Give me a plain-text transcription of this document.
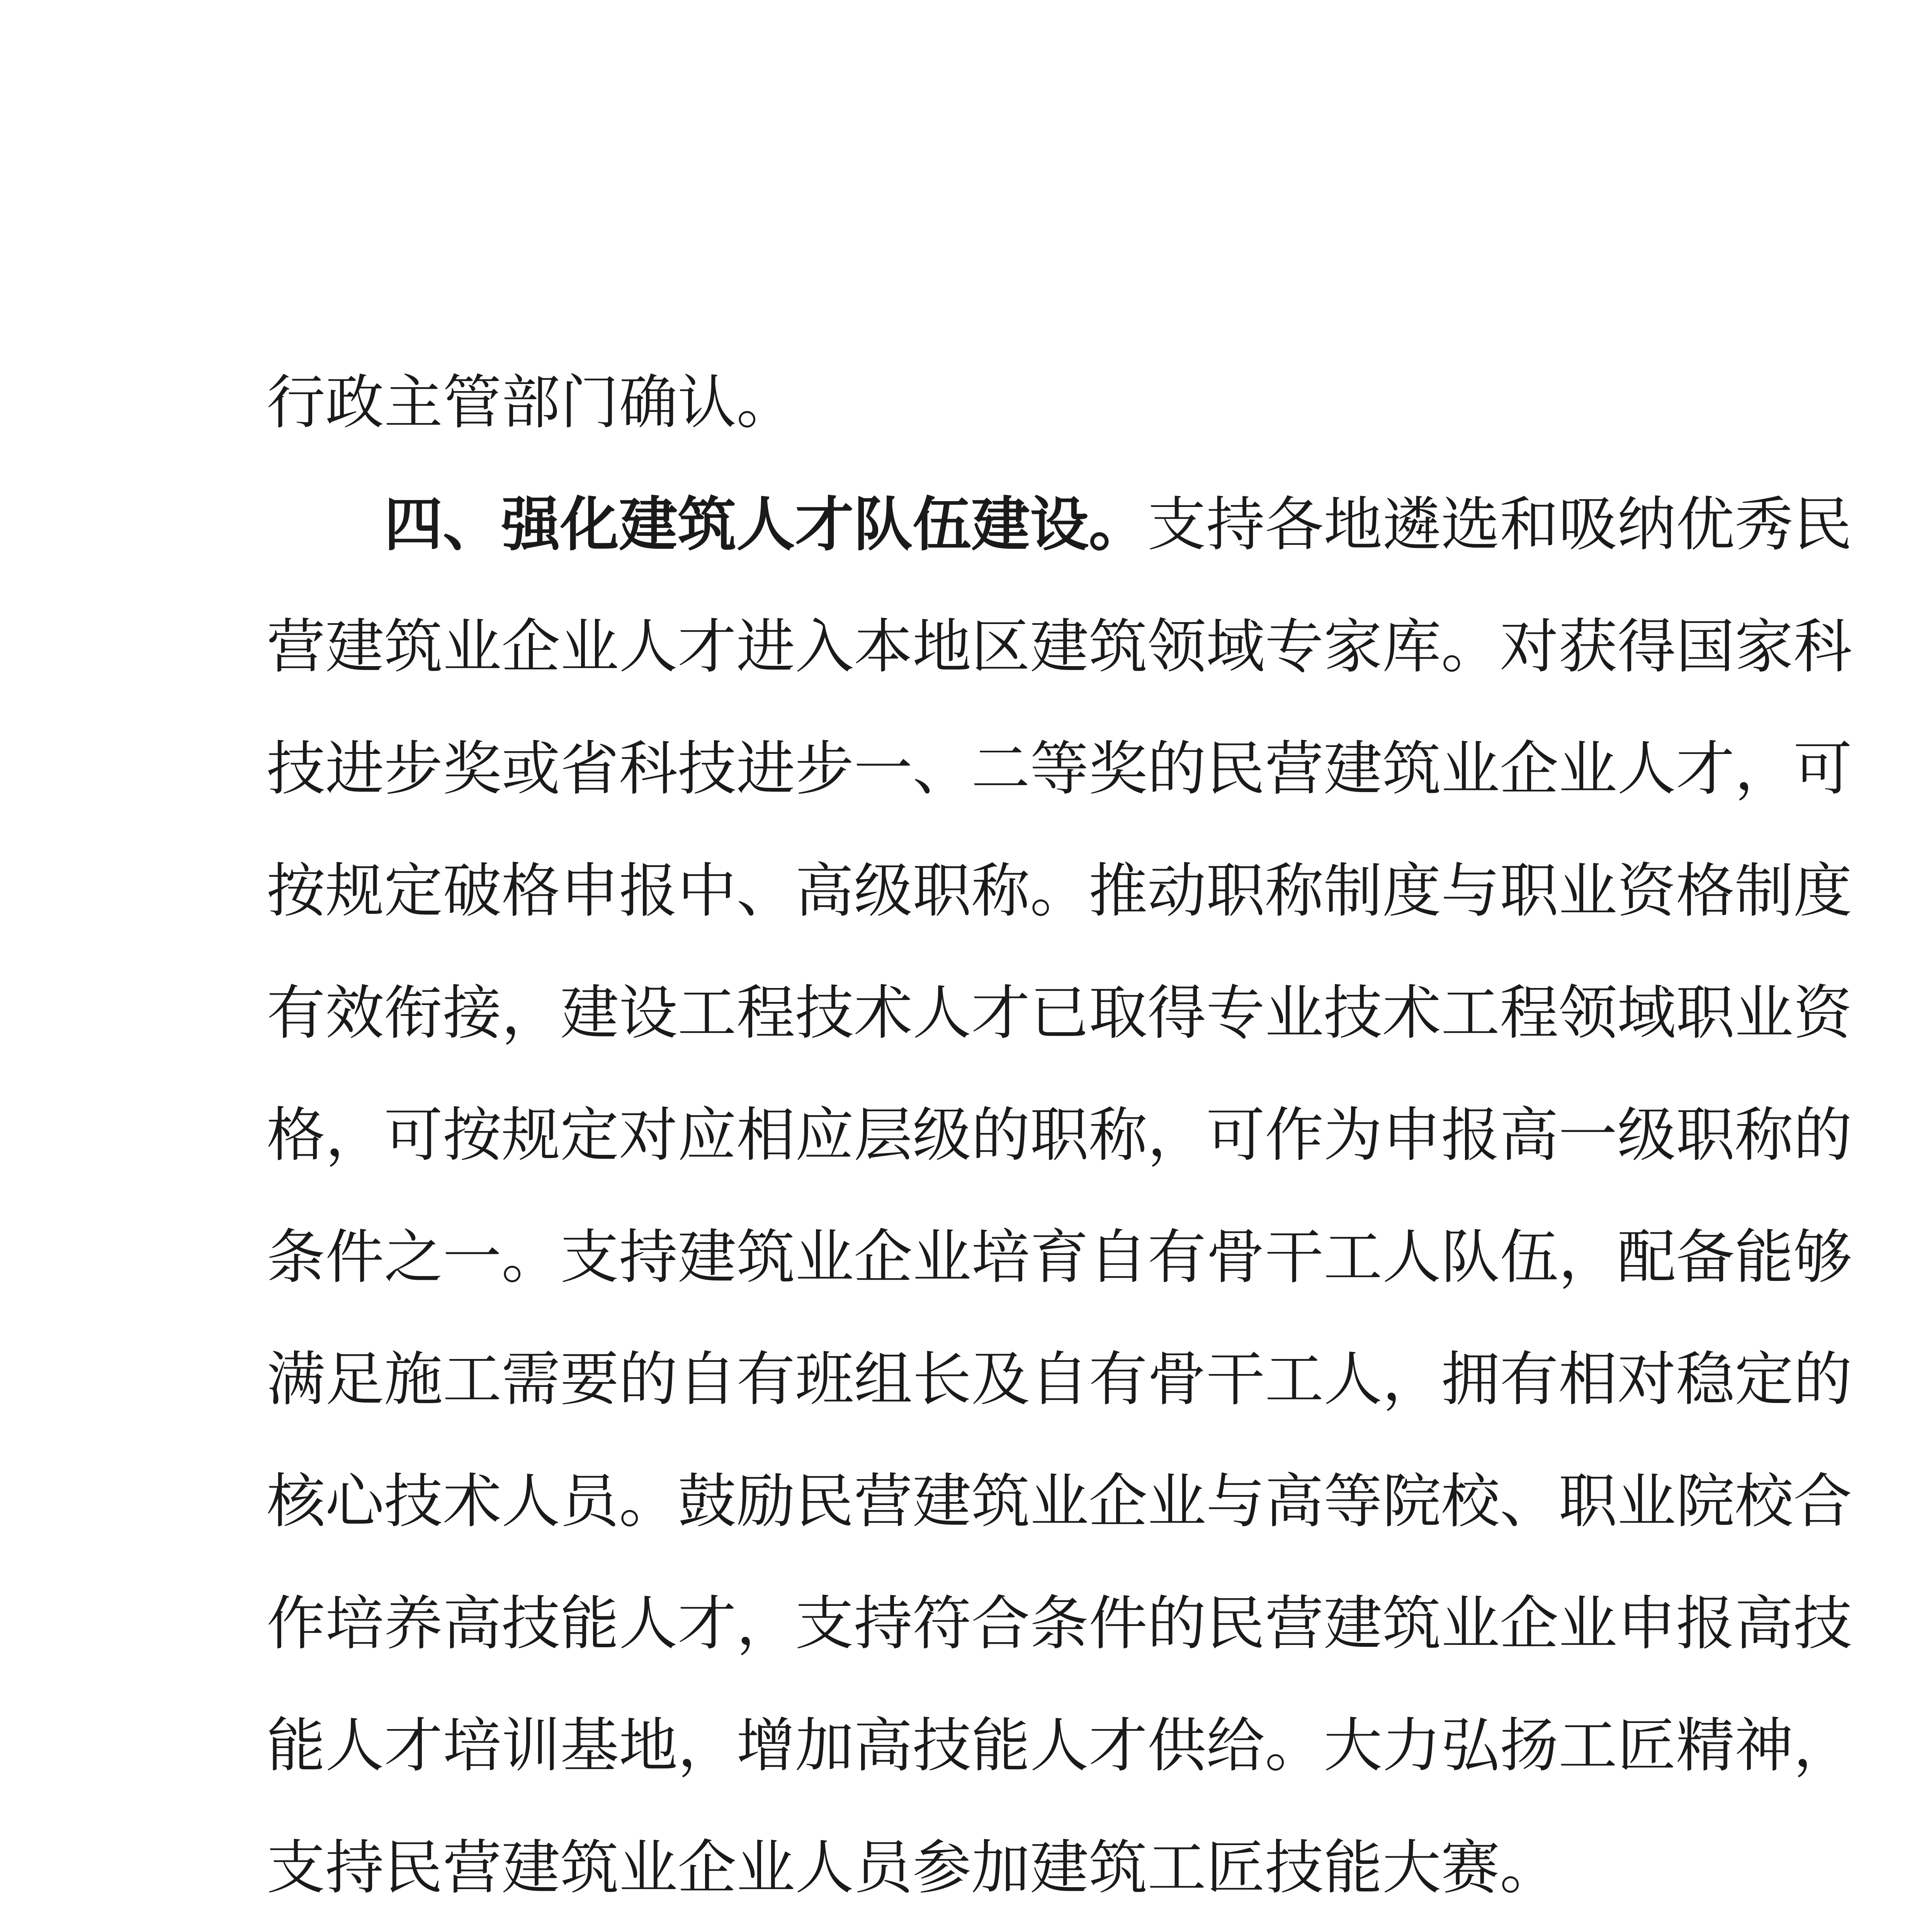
行政主管部门确认。
四、强化建筑人才队伍建设。支持各地遴选和吸纳优秀民
营建筑业企业人才进入本地区建筑领域专家库。对获得国家科
技进步奖或省科技进步一、二等奖的民营建筑业企业人才，可
按规定破格申报中、高级职称。推动职称制度与职业资格制度
有效衔接，建设工程技术人才已取得专业技术工程领域职业资
格，可按规定对应相应层级的职称，可作为申报高一级职称的
条件之一。支持建筑业企业培育自有骨干工人队伍，配备能够
满足施工需要的自有班组长及自有骨干工人，拥有相对稳定的
核心技术人员。鼓励民营建筑业企业与高等院校、职业院校合
作培养高技能人才，支持符合条件的民营建筑业企业申报高技
能人才培训基地，增加高技能人才供给。大力弘扬工匠精神，
支持民营建筑业企业人员参加建筑工匠技能大赛。
